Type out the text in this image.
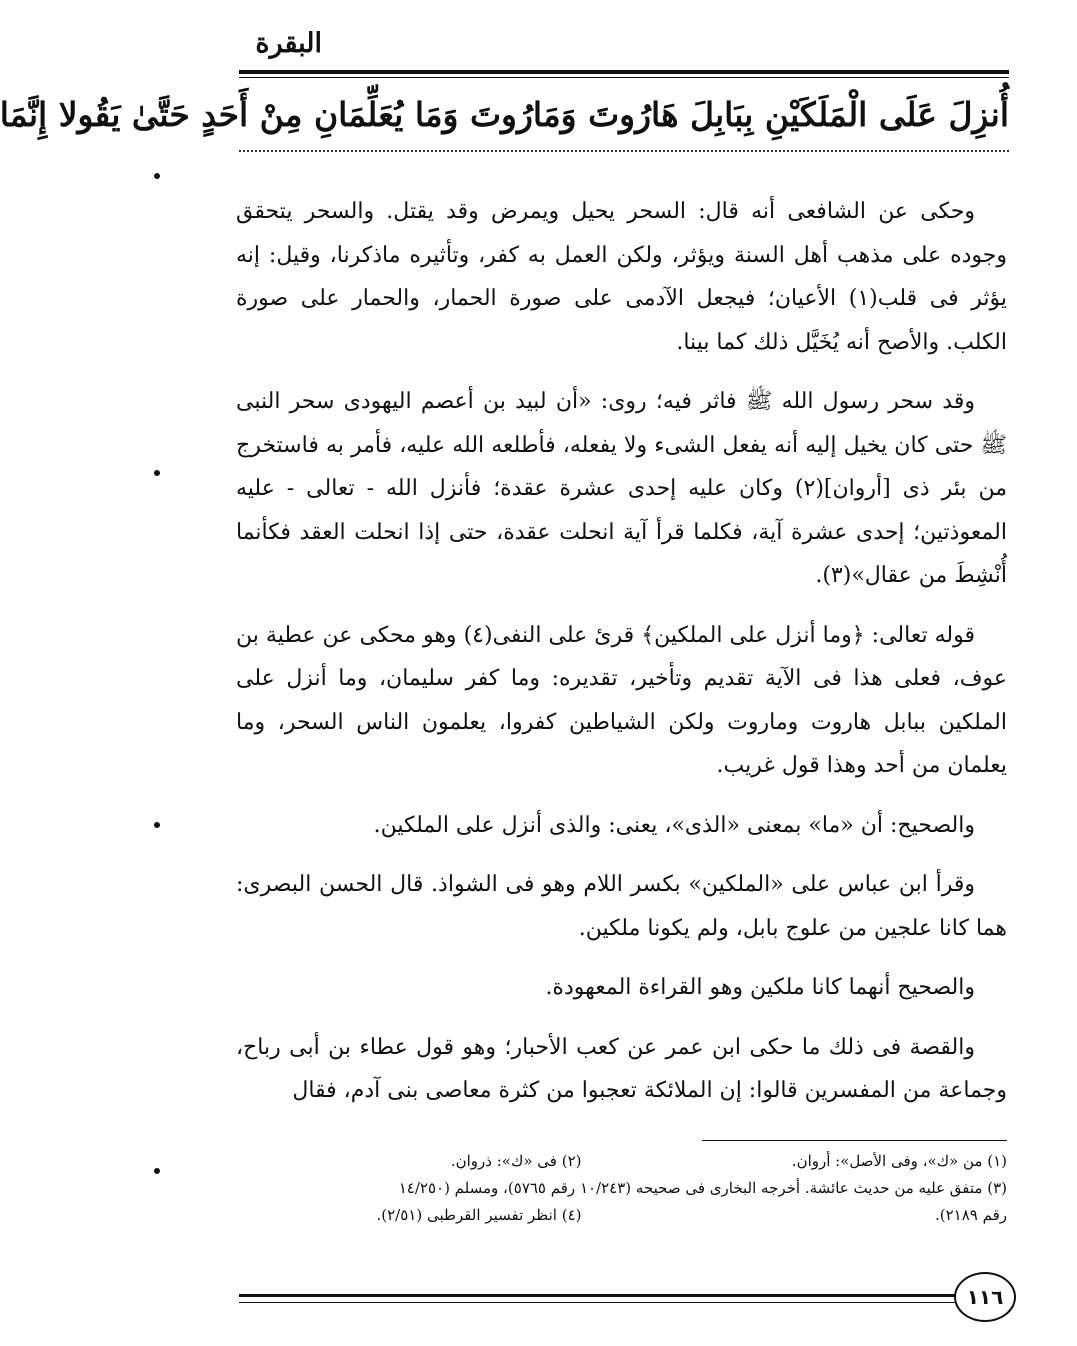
البقرة
أُنزِلَ عَلَى الْمَلَكَيْنِ بِبَابِلَ هَارُوتَ وَمَارُوتَ وَمَا يُعَلِّمَانِ مِنْ أَحَدٍ حَتَّىٰ يَقُولا إِنَّمَا

وحكى عن الشافعى أنه قال: السحر يحيل ويمرض وقد يقتل. والسحر يتحقق وجوده على مذهب أهل السنة ويؤثر، ولكن العمل به كفر، وتأثيره ماذكرنا، وقيل: إنه يؤثر فى قلب(١) الأعيان؛ فيجعل الآدمى على صورة الحمار، والحمار على صورة الكلب. والأصح أنه يُخَيَّل ذلك كما بينا.

وقد سحر رسول الله ﷺ فاثر فيه؛ روى: «أن لبيد بن أعصم اليهودى سحر النبى ﷺ حتى كان يخيل إليه أنه يفعل الشىء ولا يفعله، فأطلعه الله عليه، فأمر به فاستخرج من بئر ذى [أروان](٢) وكان عليه إحدى عشرة عقدة؛ فأنزل الله - تعالى - عليه المعوذتين؛ إحدى عشرة آية، فكلما قرأ آية انحلت عقدة، حتى إذا انحلت العقد فكأنما أُنْشِطَ من عقال»(٣).

قوله تعالى: ﴿وما أنزل على الملكين﴾ قرئ على النفى(٤) وهو محكى عن عطية بن عوف، فعلى هذا فى الآية تقديم وتأخير، تقديره: وما كفر سليمان، وما أنزل على الملكين ببابل هاروت وماروت ولكن الشياطين كفروا، يعلمون الناس السحر، وما يعلمان من أحد وهذا قول غريب.

والصحيح: أن «ما» بمعنى «الذى»، يعنى: والذى أنزل على الملكين.

وقرأ ابن عباس على «الملكين» بكسر اللام وهو فى الشواذ. قال الحسن البصرى: هما كانا علجين من علوج بابل، ولم يكونا ملكين.

والصحيح أنهما كانا ملكين وهو القراءة المعهودة.

والقصة فى ذلك ما حكى ابن عمر عن كعب الأحبار؛ وهو قول عطاء بن أبى رباح، وجماعة من المفسرين قالوا: إن الملائكة تعجبوا من كثرة معاصى بنى آدم، فقال

(١) من «ك»، وفى الأصل»: أروان.
(٢) فى «ك»: ذروان.
(٣) متفق عليه من حديث عائشة. أخرجه البخارى فى صحيحه (١٠/٢٤٣ رقم ٥٧٦٥)، ومسلم (١٤/٢٥٠
رقم ٢١٨٩).
(٤) انظر تفسير القرطبى (٢/٥١).
١١٦
